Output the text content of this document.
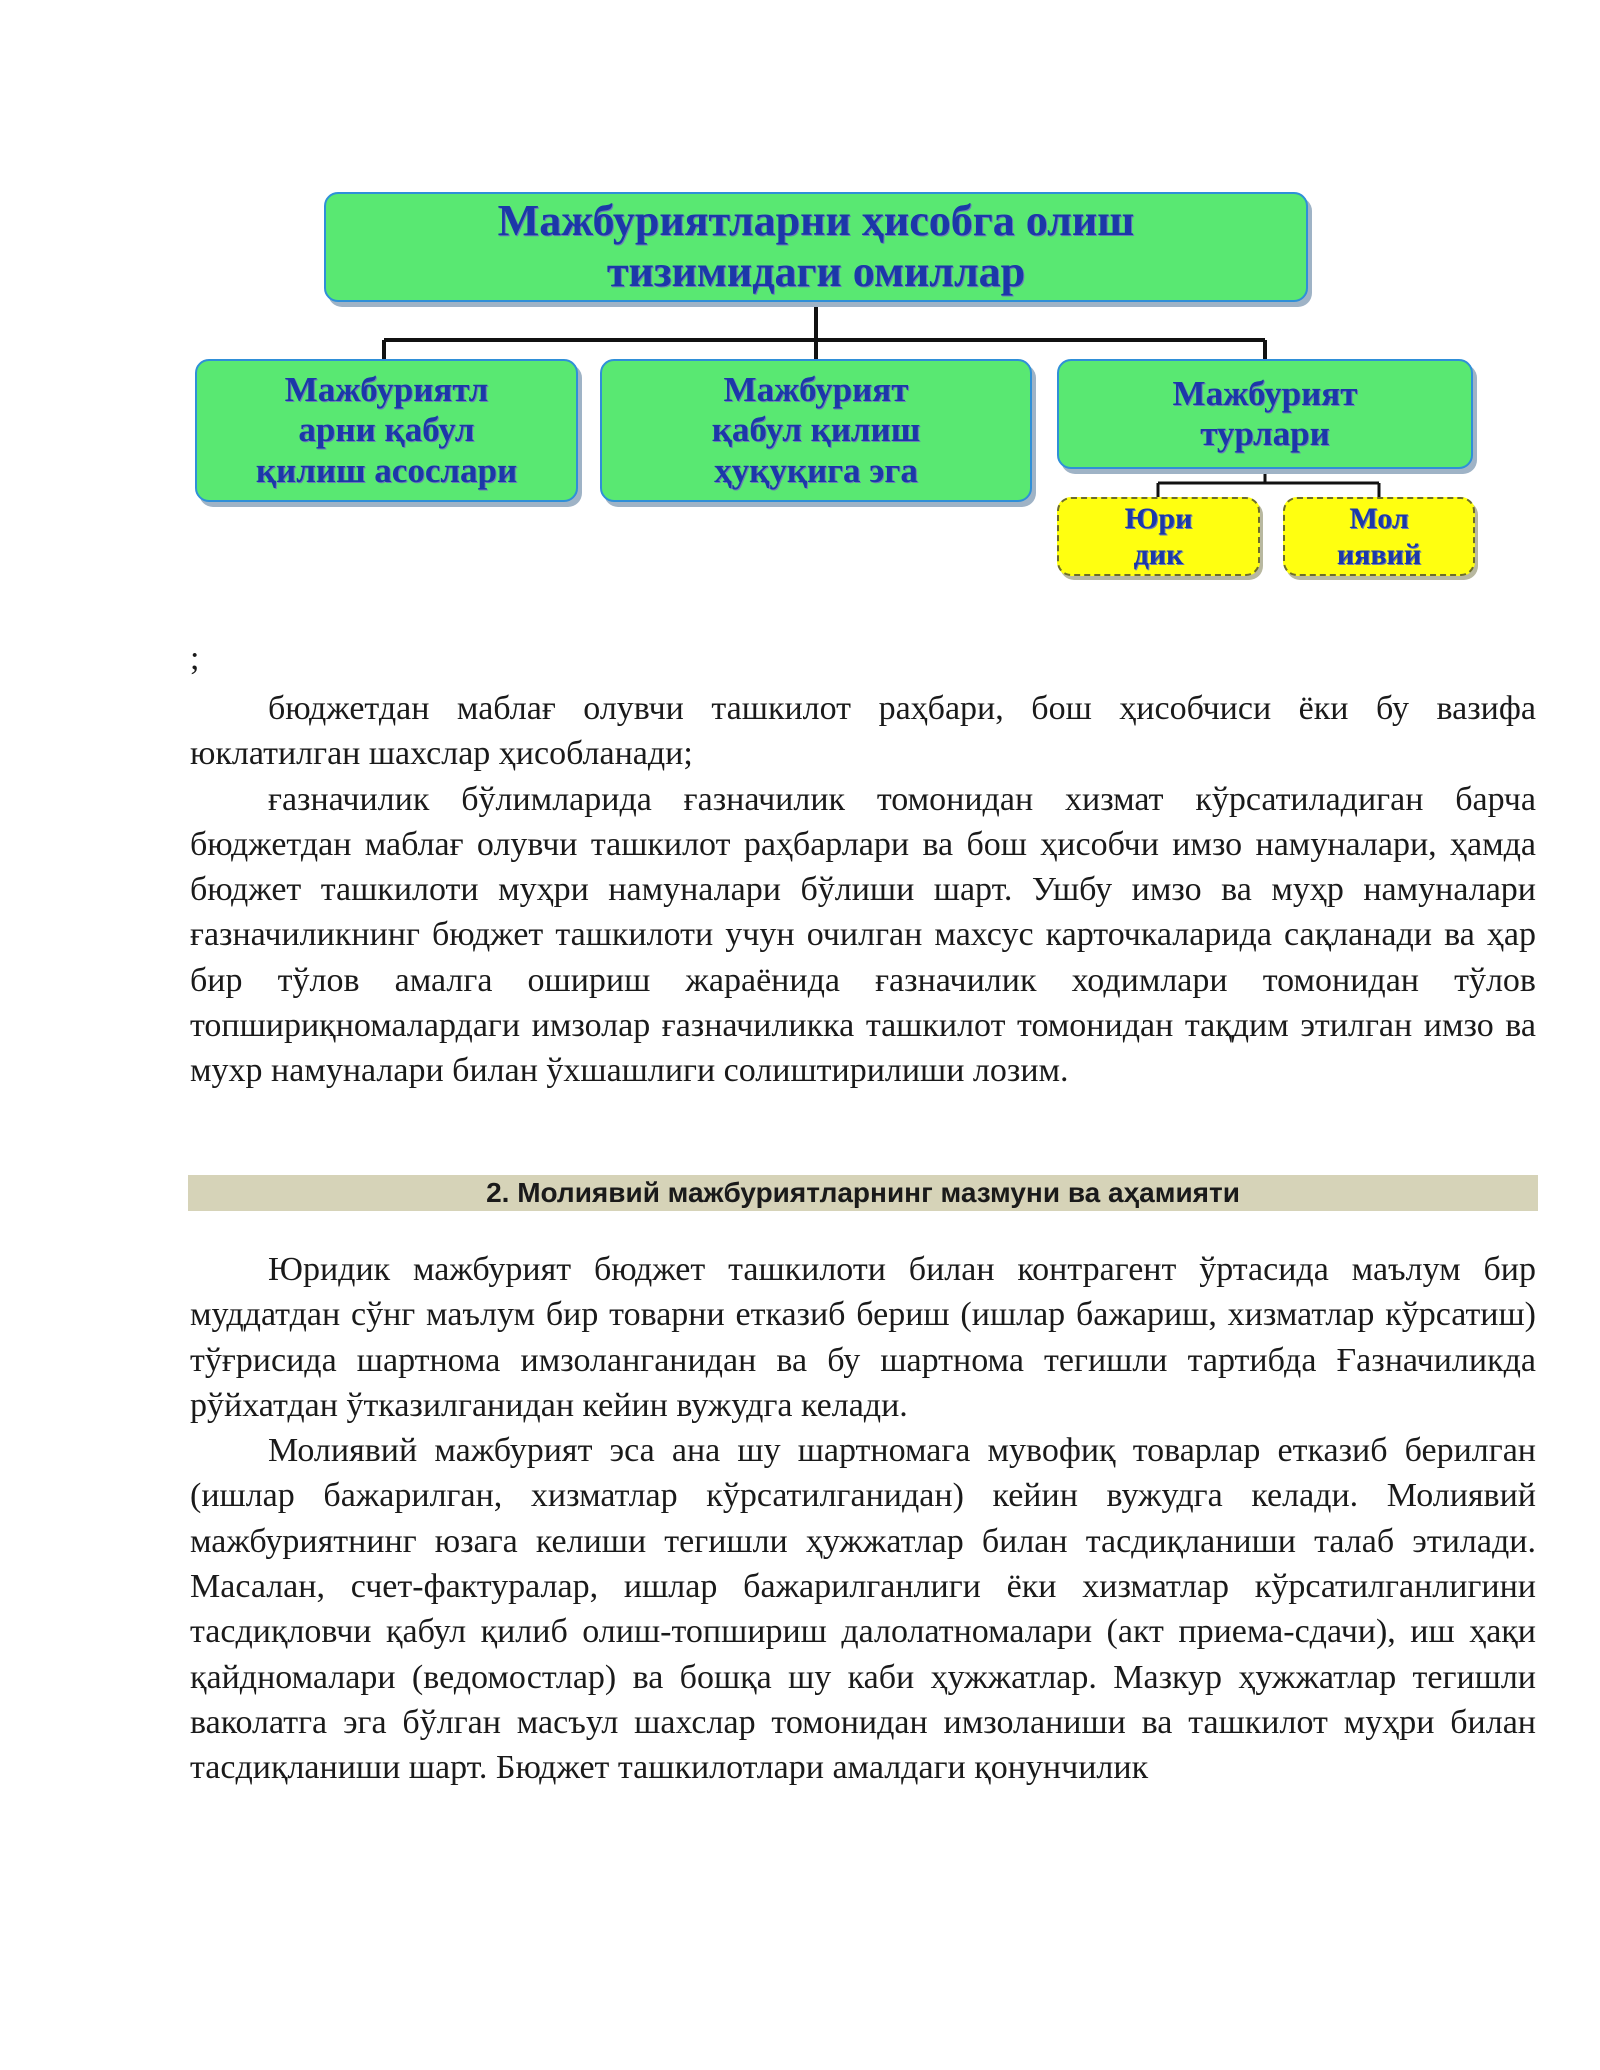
Мажбуриятларни ҳисобга олиш
тизимидаги омиллар
Мажбуриятл
арни қабул
қилиш асослари
Мажбурият
қабул қилиш
ҳуқуқига эга
Мажбурият
турлари
Юри
дик
Мол
иявий
;

бюджетдан маблағ олувчи ташкилот раҳбари, бош ҳисобчиси ёки бу вазифа юклатилган шахслар ҳисобланади;

ғазначилик бўлимларида ғазначилик томонидан хизмат кўрсатиладиган барча бюджетдан маблағ олувчи ташкилот раҳбарлари ва бош ҳисобчи имзо намуналари, ҳамда бюджет ташкилоти муҳри намуналари бўлиши шарт. Ушбу имзо ва муҳр намуналари ғазначиликнинг бюджет ташкилоти учун очилган махсус карточкаларида сақланади ва ҳар бир тўлов амалга ошириш жараёнида ғазначилик ходимлари томонидан тўлов топшириқномалардаги имзолар ғазначиликка ташкилот томонидан тақдим этилган имзо ва мухр намуналари билан ўхшашлиги солиштирилиши лозим.

2. Молиявий мажбуриятларнинг мазмуни ва аҳамияти

Юридик мажбурият бюджет ташкилоти билан контрагент ўртасида маълум бир муддатдан сўнг маълум бир товарни етказиб бериш (ишлар бажариш, хизматлар кўрсатиш) тўғрисида шартнома имзоланганидан ва бу шартнома тегишли тартибда Ғазначиликда рўйхатдан ўтказилганидан кейин вужудга келади.

Молиявий мажбурият эса ана шу шартномага мувофиқ товарлар етказиб берилган (ишлар бажарилган, хизматлар кўрсатилганидан) кейин вужудга келади. Молиявий мажбуриятнинг юзага келиши тегишли ҳужжатлар билан тасдиқланиши талаб этилади. Масалан, счет-фактуралар, ишлар бажарилганлиги ёки хизматлар кўрсатилганлигини тасдиқловчи қабул қилиб олиш-топшириш далолатномалари (акт приема-сдачи), иш ҳақи қайдномалари (ведомостлар) ва бошқа шу каби ҳужжатлар. Мазкур ҳужжатлар тегишли ваколатга эга бўлган масъул шахслар томонидан имзоланиши ва ташкилот муҳри билан тасдиқланиши шарт. Бюджет ташкилотлари амалдаги қонунчилик
